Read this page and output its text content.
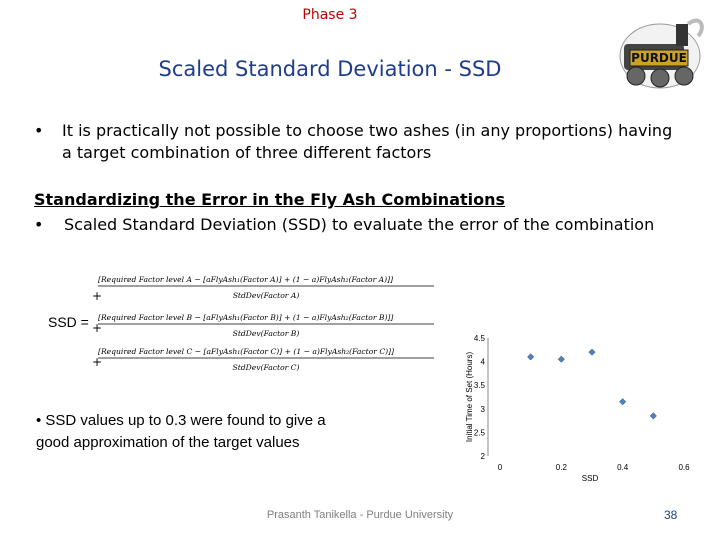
Phase 3
Scaled Standard Deviation - SSD	PURDUE
• It is practically not possible to choose two ashes (in any proportions) having a target combination of three different factors
Standardizing the Error in the Fly Ash Combinations
• Scaled Standard Deviation (SSD) to evaluate the error of the combination
SSD =
+
+
+
[Required Factor level A − [aFlyAsh₁(Factor A)] + (1 − a)FlyAsh₂(Factor A)]]
StdDev(Factor A)
[Required Factor level B − [aFlyAsh₁(Factor B)] + (1 − a)FlyAsh₂(Factor B)]]
StdDev(Factor B)
[Required Factor level C − [aFlyAsh₁(Factor C)] + (1 − a)FlyAsh₂(Factor C)]]
StdDev(Factor C)
• SSD values up to 0.3 were found to give a good approximation of the target values
2
2.5
3
3.5
4
4.5
0	0.2	0.4	0.6
Initial Time of Set (Hours)
SSD
Prasanth Tanikella - Purdue University	38
